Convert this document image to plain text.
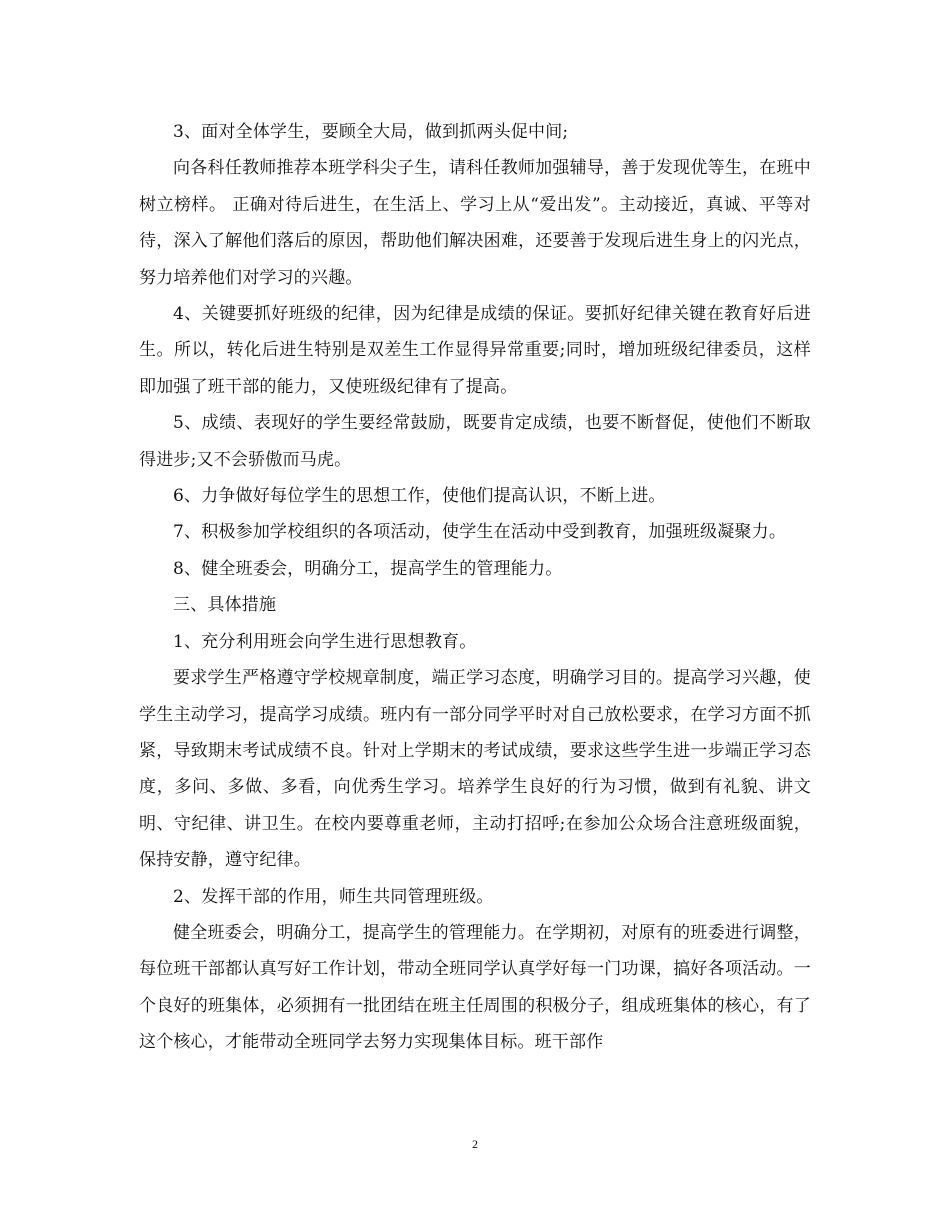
3、面对全体学生，要顾全大局，做到抓两头促中间;

向各科任教师推荐本班学科尖子生，请科任教师加强辅导，善于发现优等生，在班中树立榜样。 正确对待后进生，在生活上、学习上从“爱出发”。主动接近，真诚、平等对待，深入了解他们落后的原因，帮助他们解决困难，还要善于发现后进生身上的闪光点，努力培养他们对学习的兴趣。

4、关键要抓好班级的纪律，因为纪律是成绩的保证。要抓好纪律关键在教育好后进生。所以，转化后进生特别是双差生工作显得异常重要;同时，增加班级纪律委员，这样即加强了班干部的能力，又使班级纪律有了提高。

5、成绩、表现好的学生要经常鼓励，既要肯定成绩，也要不断督促，使他们不断取得进步;又不会骄傲而马虎。

6、力争做好每位学生的思想工作，使他们提高认识，不断上进。

7、积极参加学校组织的各项活动，使学生在活动中受到教育，加强班级凝聚力。

8、健全班委会，明确分工，提高学生的管理能力。

三、具体措施

1、充分利用班会向学生进行思想教育。

要求学生严格遵守学校规章制度，端正学习态度，明确学习目的。提高学习兴趣，使学生主动学习，提高学习成绩。班内有一部分同学平时对自己放松要求，在学习方面不抓紧，导致期末考试成绩不良。针对上学期末的考试成绩，要求这些学生进一步端正学习态度，多问、多做、多看，向优秀生学习。培养学生良好的行为习惯，做到有礼貌、讲文明、守纪律、讲卫生。在校内要尊重老师，主动打招呼;在参加公众场合注意班级面貌，保持安静，遵守纪律。

2、发挥干部的作用，师生共同管理班级。

健全班委会，明确分工，提高学生的管理能力。在学期初，对原有的班委进行调整，每位班干部都认真写好工作计划，带动全班同学认真学好每一门功课，搞好各项活动。一个良好的班集体，必须拥有一批团结在班主任周围的积极分子，组成班集体的核心，有了这个核心，才能带动全班同学去努力实现集体目标。班干部作

2
